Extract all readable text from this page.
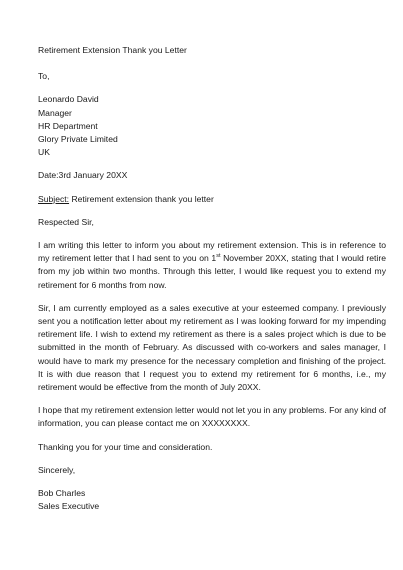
Retirement Extension Thank you Letter
To,
Leonardo David
Manager
HR Department
Glory Private Limited
UK
Date:3rd January 20XX
Subject: Retirement extension thank you letter
Respected Sir,

I am writing this letter to inform you about my retirement extension. This is in reference to my retirement letter that I had sent to you on 1st November 20XX, stating that I would retire from my job within two months. Through this letter, I would like request you to extend my retirement for 6 months from now.

Sir, I am currently employed as a sales executive at your esteemed company. I previously sent you a notification letter about my retirement as I was looking forward for my impending retirement life. I wish to extend my retirement as there is a sales project which is due to be submitted in the month of February. As discussed with co-workers and sales manager, I would have to mark my presence for the necessary completion and finishing of the project. It is with due reason that I request you to extend my retirement for 6 months, i.e., my retirement would be effective from the month of July 20XX.

I hope that my retirement extension letter would not let you in any problems. For any kind of information, you can please contact me on XXXXXXXX.

Thanking you for your time and consideration.
Sincerely,
Bob Charles
Sales Executive
